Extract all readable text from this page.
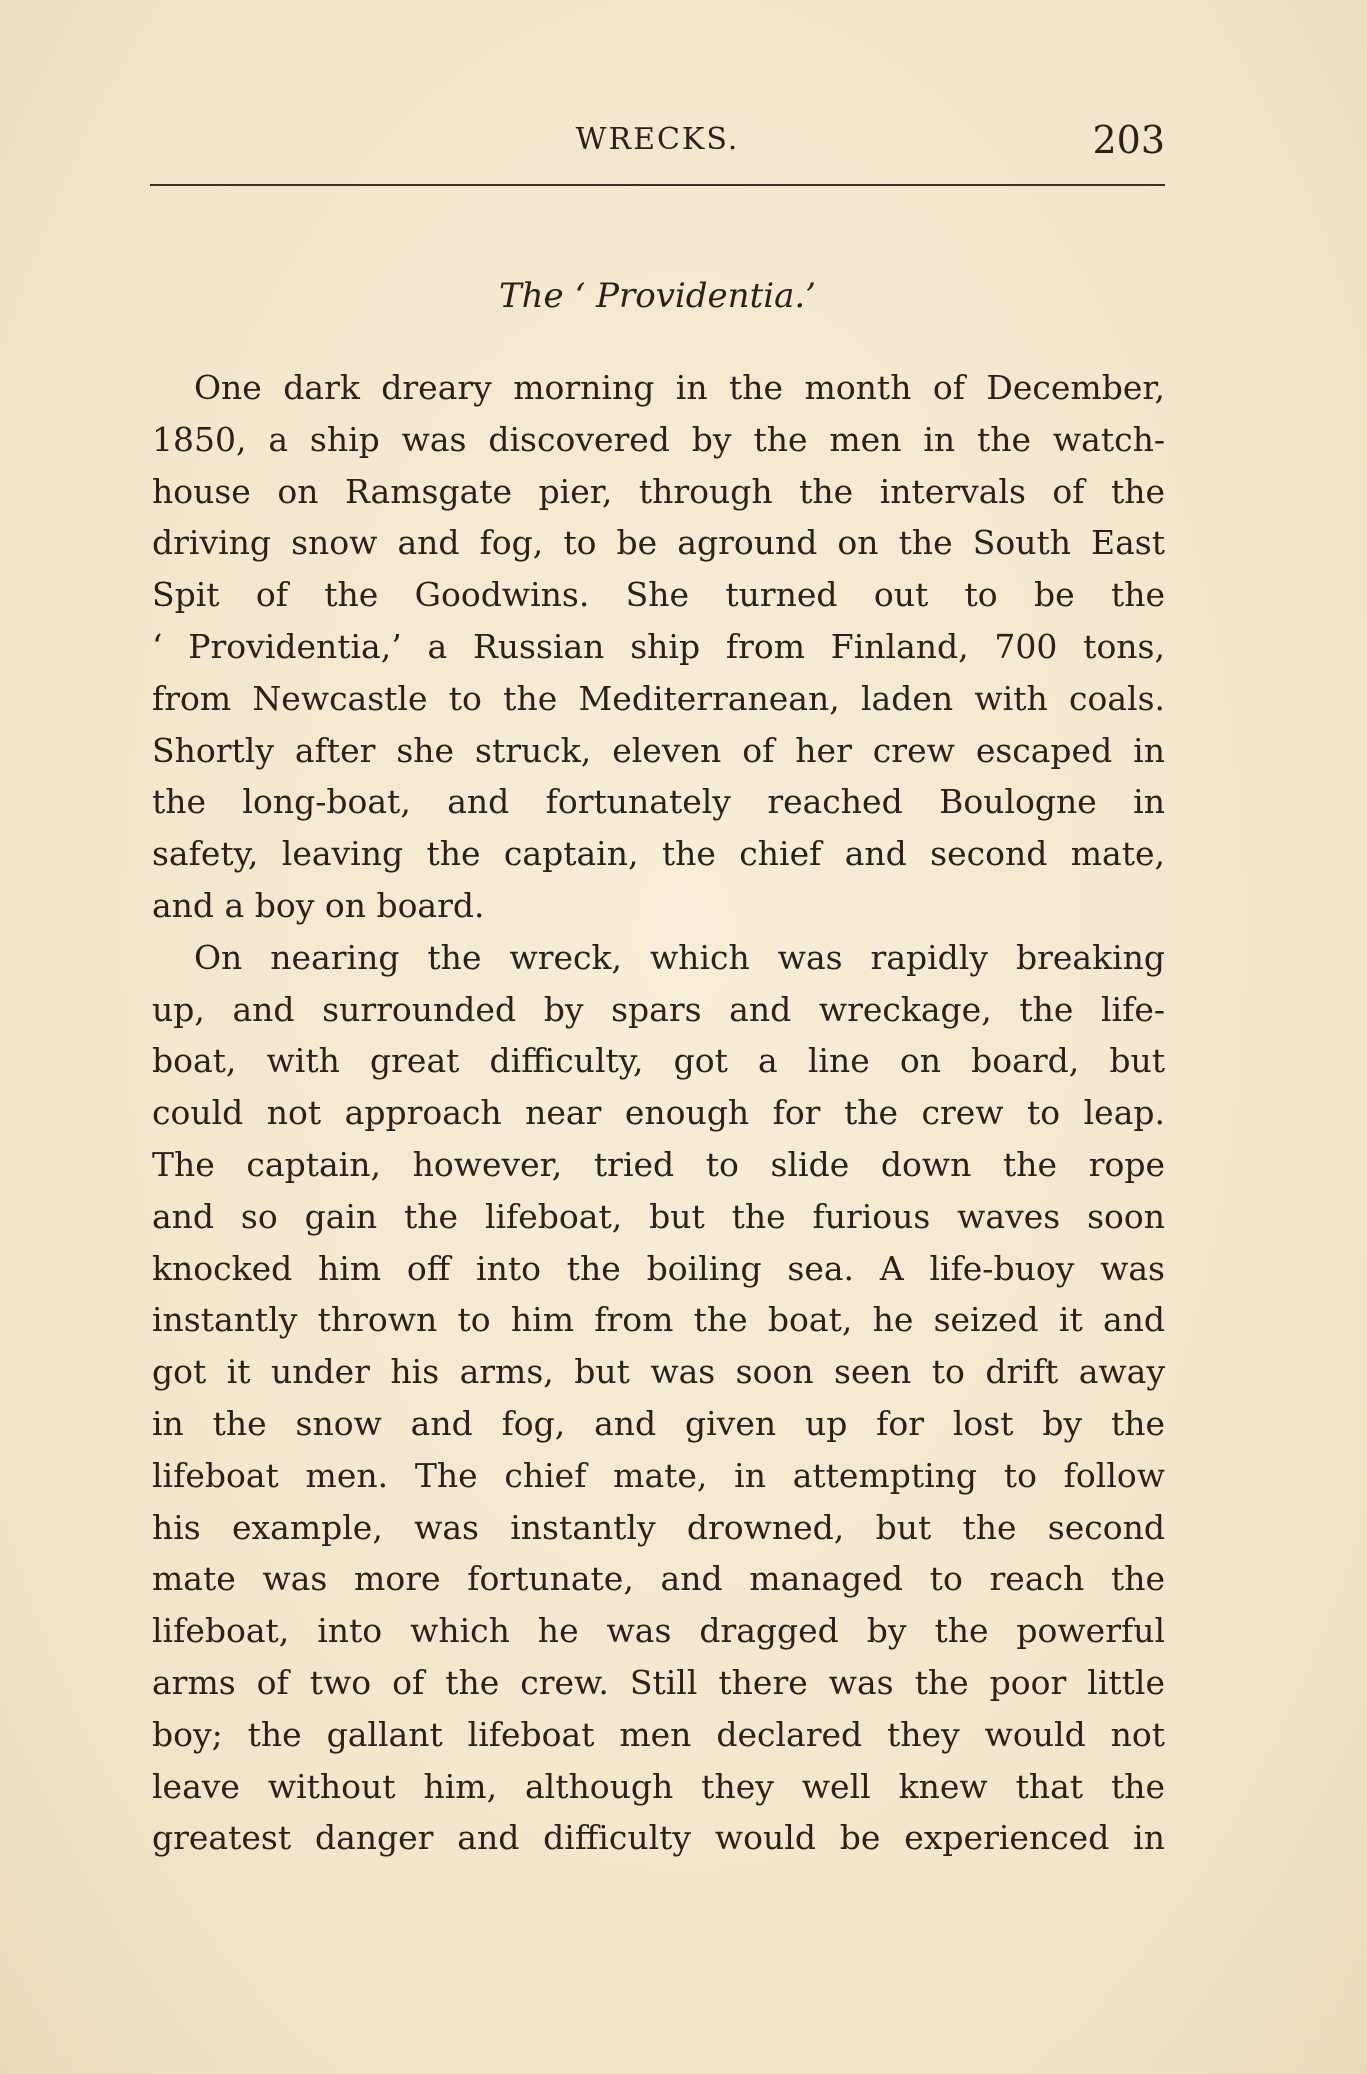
WRECKS.	203
The ‘ Providentia.’
One dark dreary morning in the month of December,
1850, a ship was discovered by the men in the watch-
house on Ramsgate pier, through the intervals of the
driving snow and fog, to be aground on the South East
Spit of the Goodwins. She turned out to be the
‘ Providentia,’ a Russian ship from Finland, 700 tons,
from Newcastle to the Mediterranean, laden with coals.
Shortly after she struck, eleven of her crew escaped in
the long-boat, and fortunately reached Boulogne in
safety, leaving the captain, the chief and second mate,
and a boy on board.
On nearing the wreck, which was rapidly breaking
up, and surrounded by spars and wreckage, the life-
boat, with great difficulty, got a line on board, but
could not approach near enough for the crew to leap.
The captain, however, tried to slide down the rope
and so gain the lifeboat, but the furious waves soon
knocked him off into the boiling sea. A life-buoy was
instantly thrown to him from the boat, he seized it and
got it under his arms, but was soon seen to drift away
in the snow and fog, and given up for lost by the
lifeboat men. The chief mate, in attempting to follow
his example, was instantly drowned, but the second
mate was more fortunate, and managed to reach the
lifeboat, into which he was dragged by the powerful
arms of two of the crew. Still there was the poor little
boy; the gallant lifeboat men declared they would not
leave without him, although they well knew that the
greatest danger and difficulty would be experienced in
